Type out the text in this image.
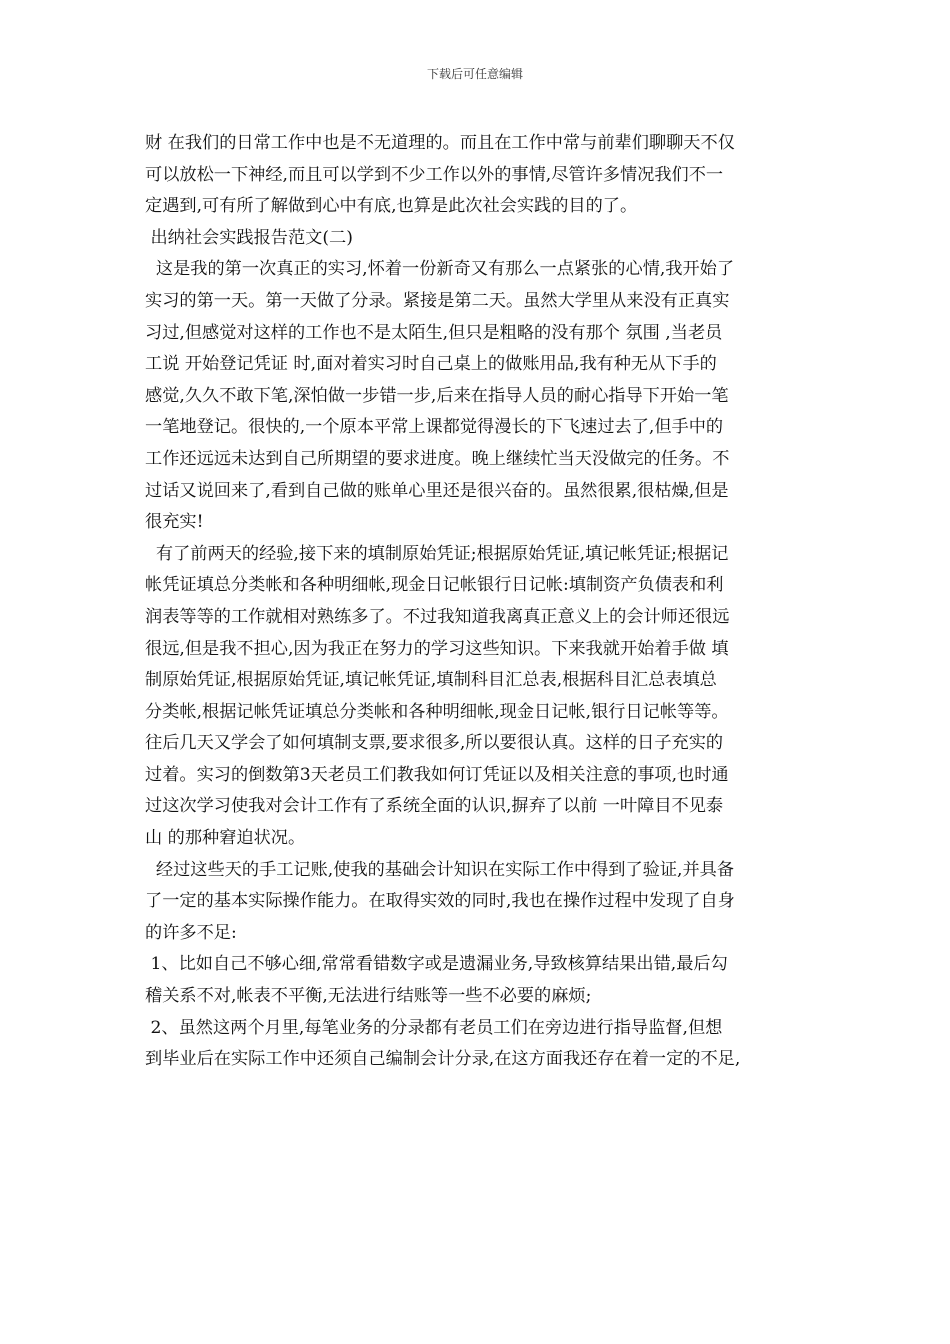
下载后可任意编辑
财 在我们的日常工作中也是不无道理的。而且在工作中常与前辈们聊聊天不仅
可以放松一下神经,而且可以学到不少工作以外的事情,尽管许多情况我们不一
定遇到,可有所了解做到心中有底,也算是此次社会实践的目的了。
出纳社会实践报告范文(二)
这是我的第一次真正的实习,怀着一份新奇又有那么一点紧张的心情,我开始了
实习的第一天。第一天做了分录。紧接是第二天。虽然大学里从来没有正真实
习过,但感觉对这样的工作也不是太陌生,但只是粗略的没有那个 氛围 ,当老员
工说 开始登记凭证 时,面对着实习时自己桌上的做账用品,我有种无从下手的
感觉,久久不敢下笔,深怕做一步错一步,后来在指导人员的耐心指导下开始一笔
一笔地登记。很快的,一个原本平常上课都觉得漫长的下飞速过去了,但手中的
工作还远远未达到自己所期望的要求进度。晚上继续忙当天没做完的任务。不
过话又说回来了,看到自己做的账单心里还是很兴奋的。虽然很累,很枯燥,但是
很充实!
有了前两天的经验,接下来的填制原始凭证;根据原始凭证,填记帐凭证;根据记
帐凭证填总分类帐和各种明细帐,现金日记帐银行日记帐:填制资产负债表和利
润表等等的工作就相对熟练多了。不过我知道我离真正意义上的会计师还很远
很远,但是我不担心,因为我正在努力的学习这些知识。下来我就开始着手做 填
制原始凭证,根据原始凭证,填记帐凭证,填制科目汇总表,根据科目汇总表填总
分类帐,根据记帐凭证填总分类帐和各种明细帐,现金日记帐,银行日记帐等等。
往后几天又学会了如何填制支票,要求很多,所以要很认真。这样的日子充实的
过着。实习的倒数第3天老员工们教我如何订凭证以及相关注意的事项,也时通
过这次学习使我对会计工作有了系统全面的认识,摒弃了以前 一叶障目不见泰
山 的那种窘迫状况。
经过这些天的手工记账,使我的基础会计知识在实际工作中得到了验证,并具备
了一定的基本实际操作能力。在取得实效的同时,我也在操作过程中发现了自身
的许多不足:
1、比如自己不够心细,常常看错数字或是遗漏业务,导致核算结果出错,最后勾
稽关系不对,帐表不平衡,无法进行结账等一些不必要的麻烦;
2、虽然这两个月里,每笔业务的分录都有老员工们在旁边进行指导监督,但想
到毕业后在实际工作中还须自己编制会计分录,在这方面我还存在着一定的不足,
